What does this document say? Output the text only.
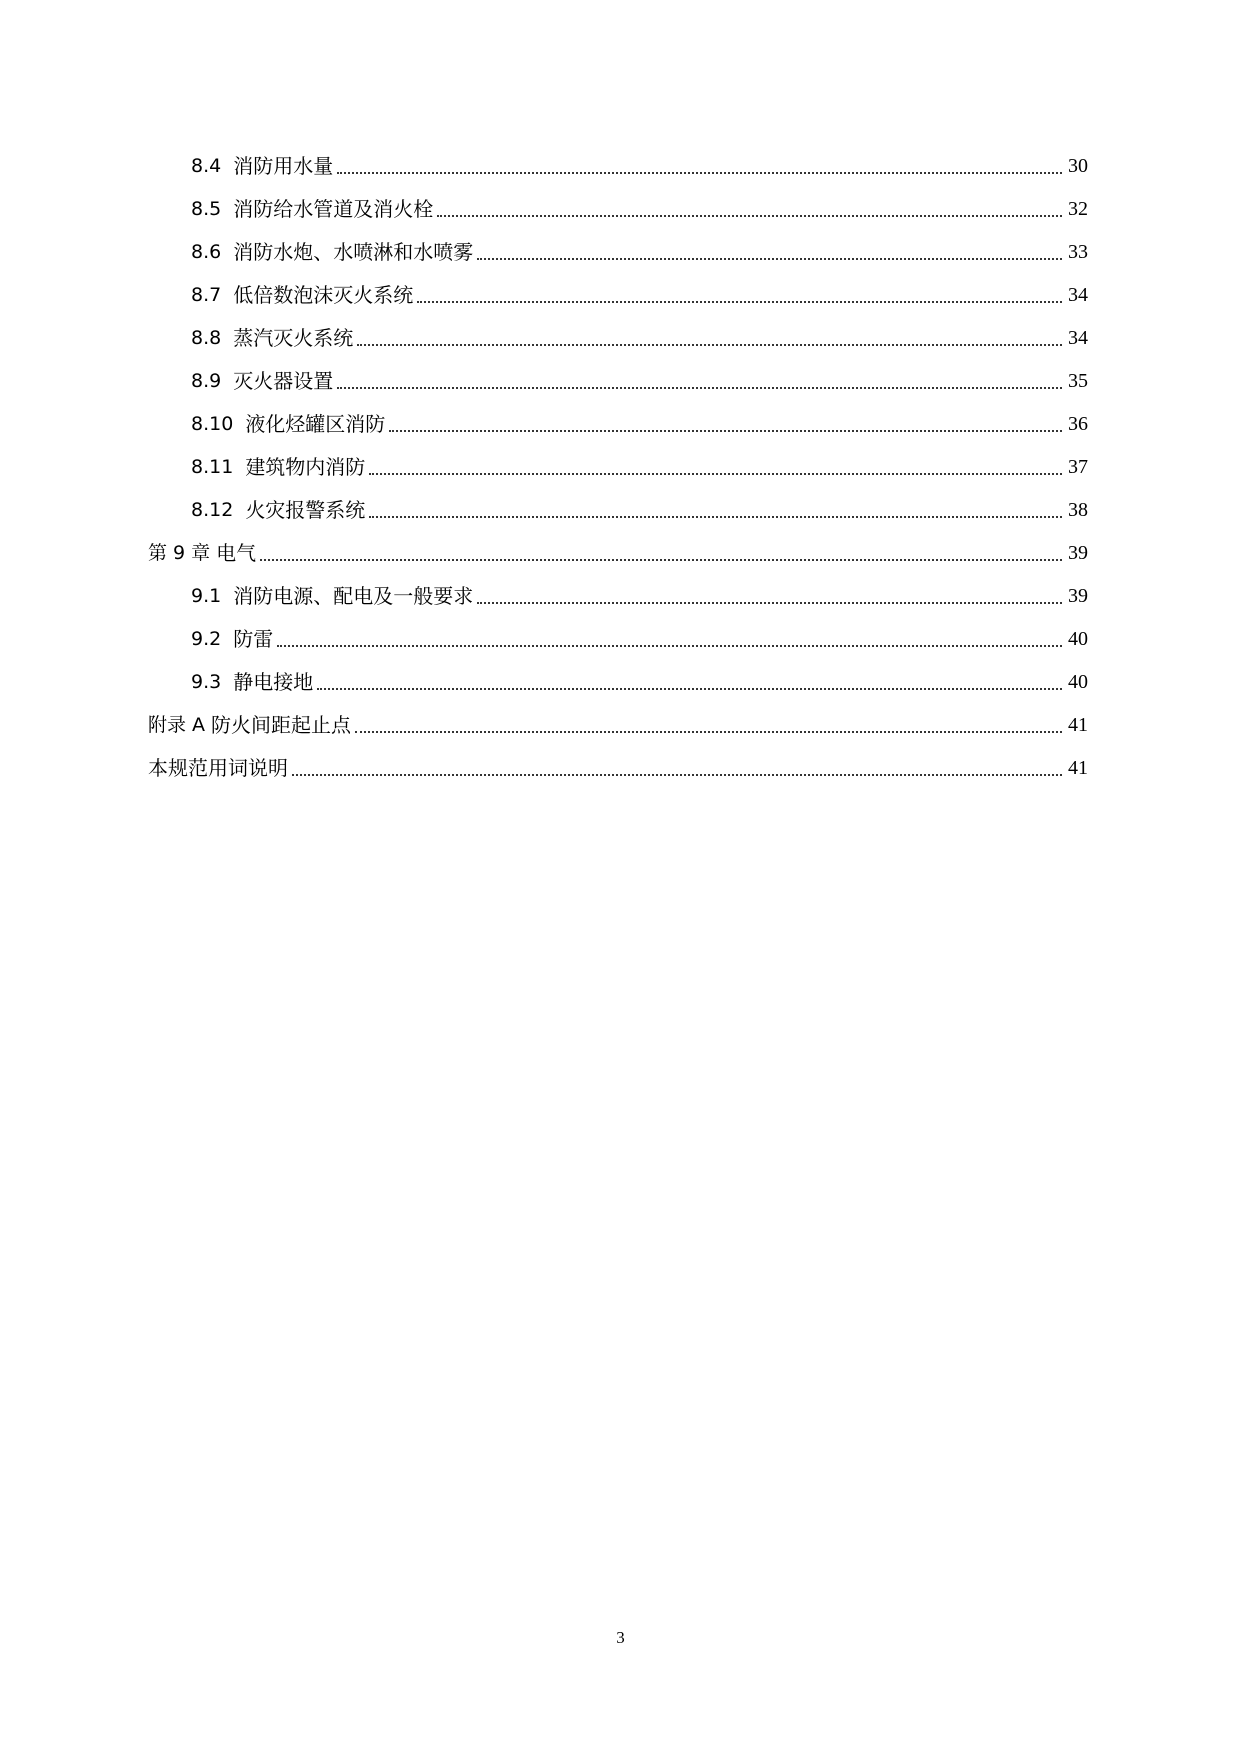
8.4 消防用水量	30
8.5 消防给水管道及消火栓	32
8.6 消防水炮、水喷淋和水喷雾	33
8.7 低倍数泡沫灭火系统	34
8.8 蒸汽灭火系统	34
8.9 灭火器设置	35
8.10 液化烃罐区消防	36
8.11 建筑物内消防	37
8.12 火灾报警系统	38
第 9 章 电气	39
9.1 消防电源、配电及一般要求	39
9.2 防雷	40
9.3 静电接地	40
附录 A 防火间距起止点	41
本规范用词说明	41
3
